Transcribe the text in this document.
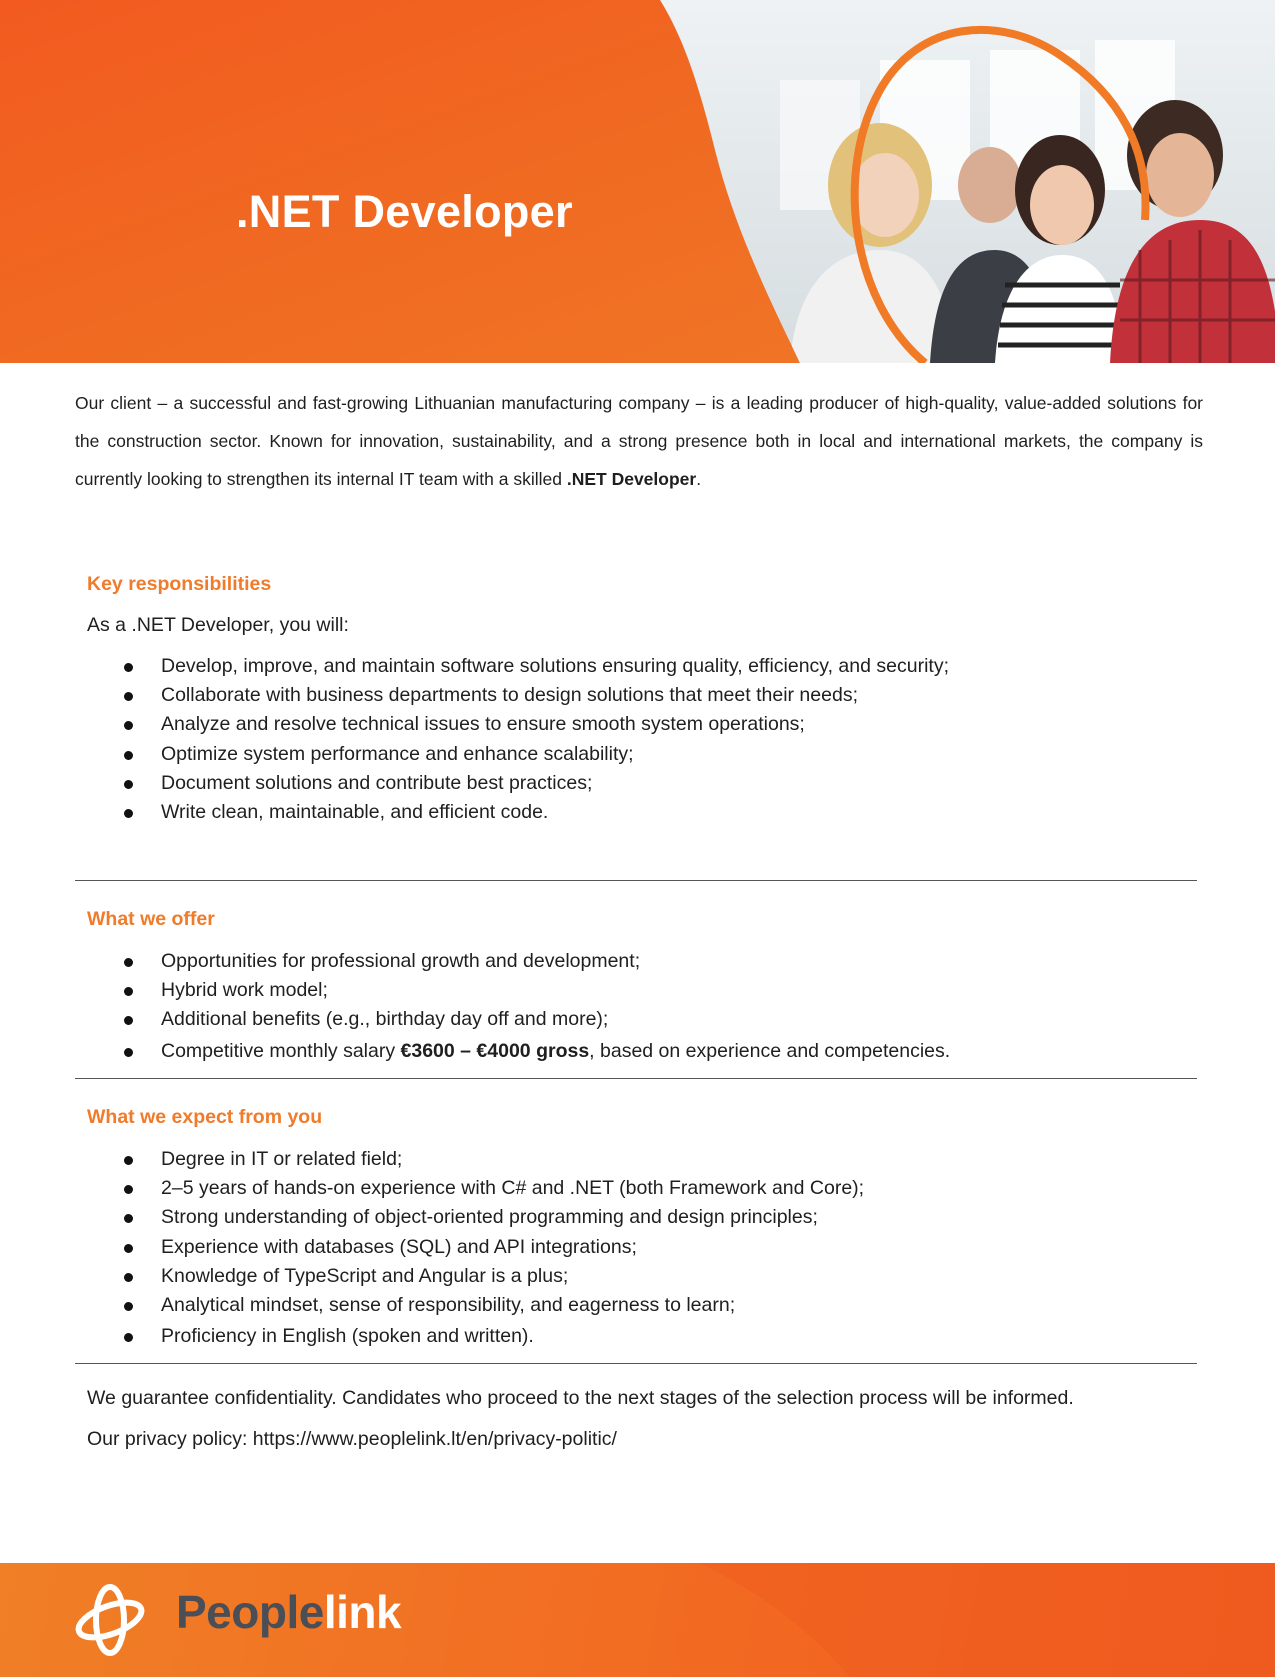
.NET Developer

Our client – a successful and fast-growing Lithuanian manufacturing company – is a leading producer of high-quality, value-added solutions for the construction sector. Known for innovation, sustainability, and a strong presence both in local and international markets, the company is currently looking to strengthen its internal IT team with a skilled .NET Developer.

Key responsibilities

As a .NET Developer, you will:

Develop, improve, and maintain software solutions ensuring quality, efficiency, and security;
Collaborate with business departments to design solutions that meet their needs;
Analyze and resolve technical issues to ensure smooth system operations;
Optimize system performance and enhance scalability;
Document solutions and contribute best practices;
Write clean, maintainable, and efficient code.
What we offer
Opportunities for professional growth and development;
Hybrid work model;
Additional benefits (e.g., birthday day off and more);
Competitive monthly salary €3600 – €4000 gross, based on experience and competencies.
What we expect from you
Degree in IT or related field;
2–5 years of hands-on experience with C# and .NET (both Framework and Core);
Strong understanding of object-oriented programming and design principles;
Experience with databases (SQL) and API integrations;
Knowledge of TypeScript and Angular is a plus;
Analytical mindset, sense of responsibility, and eagerness to learn;
Proficiency in English (spoken and written).

We guarantee confidentiality. Candidates who proceed to the next stages of the selection process will be informed.

Our privacy policy: https://www.peoplelink.lt/en/privacy-politic/

Peoplelink
